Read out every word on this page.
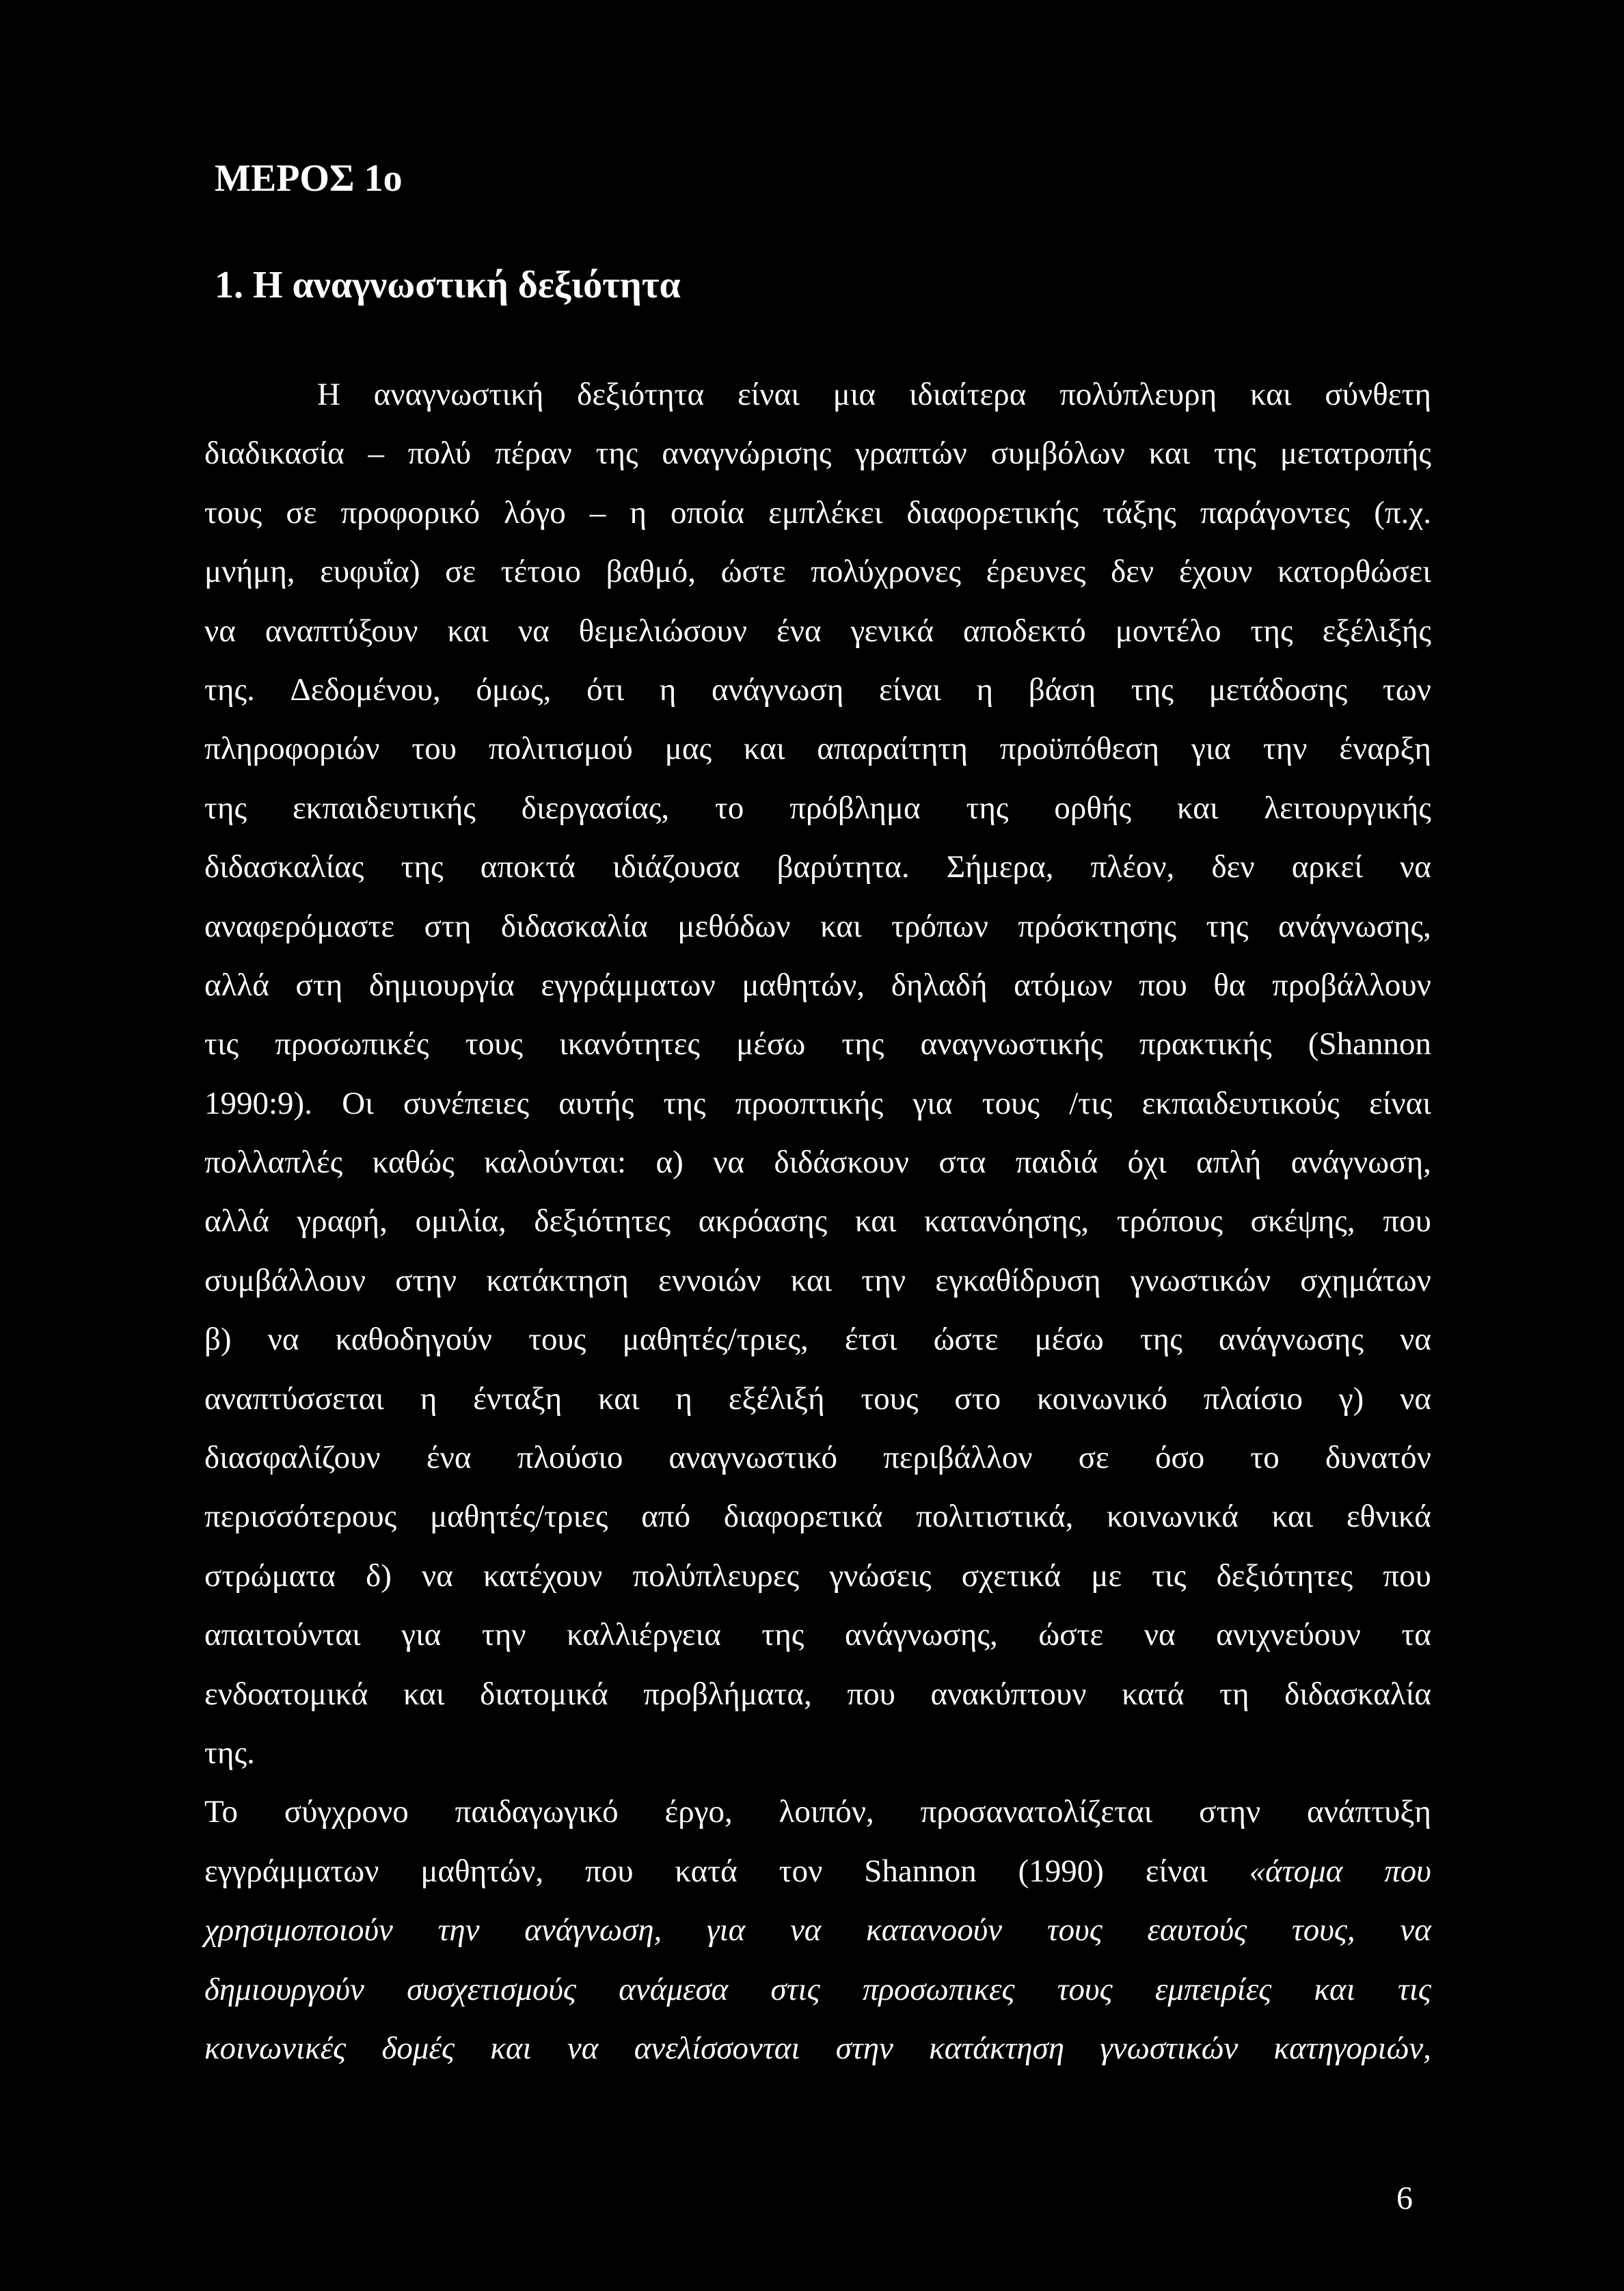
ΜΕΡΟΣ 1ο
1. Η αναγνωστική δεξιότητα
Η αναγνωστική δεξιότητα είναι μια ιδιαίτερα πολύπλευρη και σύνθετη
διαδικασία – πολύ πέραν της αναγνώρισης γραπτών συμβόλων και της μετατροπής
τους σε προφορικό λόγο – η οποία εμπλέκει διαφορετικής τάξης παράγοντες (π.χ.
μνήμη, ευφυΐα) σε τέτοιο βαθμό, ώστε πολύχρονες έρευνες δεν έχουν κατορθώσει
να αναπτύξουν και να θεμελιώσουν ένα γενικά αποδεκτό μοντέλο της εξέλιξής
της. Δεδομένου, όμως, ότι η ανάγνωση είναι η βάση της μετάδοσης των
πληροφοριών του πολιτισμού μας και απαραίτητη προϋπόθεση για την έναρξη
της εκπαιδευτικής διεργασίας, το πρόβλημα της ορθής και λειτουργικής
διδασκαλίας της αποκτά ιδιάζουσα βαρύτητα. Σήμερα, πλέον, δεν αρκεί να
αναφερόμαστε στη διδασκαλία μεθόδων και τρόπων πρόσκτησης της ανάγνωσης,
αλλά στη δημιουργία εγγράμματων μαθητών, δηλαδή ατόμων που θα προβάλλουν
τις προσωπικές τους ικανότητες μέσω της αναγνωστικής πρακτικής (Shannon
1990:9). Οι συνέπειες αυτής της προοπτικής για τους /τις εκπαιδευτικούς είναι
πολλαπλές καθώς καλούνται: α) να διδάσκουν στα παιδιά όχι απλή ανάγνωση,
αλλά γραφή, ομιλία, δεξιότητες ακρόασης και κατανόησης, τρόπους σκέψης, που
συμβάλλουν στην κατάκτηση εννοιών και την εγκαθίδρυση γνωστικών σχημάτων
β) να καθοδηγούν τους μαθητές/τριες, έτσι ώστε μέσω της ανάγνωσης να
αναπτύσσεται η ένταξη και η εξέλιξή τους στο κοινωνικό πλαίσιο γ) να
διασφαλίζουν ένα πλούσιο αναγνωστικό περιβάλλον σε όσο το δυνατόν
περισσότερους μαθητές/τριες από διαφορετικά πολιτιστικά, κοινωνικά και εθνικά
στρώματα δ) να κατέχουν πολύπλευρες γνώσεις σχετικά με τις δεξιότητες που
απαιτούνται για την καλλιέργεια της ανάγνωσης, ώστε να ανιχνεύουν τα
ενδοατομικά και διατομικά προβλήματα, που ανακύπτουν κατά τη διδασκαλία
της.
Το σύγχρονο παιδαγωγικό έργο, λοιπόν, προσανατολίζεται στην ανάπτυξη
εγγράμματων μαθητών, που κατά τον Shannon (1990) είναι «άτομα που
χρησιμοποιούν την ανάγνωση, για να κατανοούν τους εαυτούς τους, να
δημιουργούν συσχετισμούς ανάμεσα στις προσωπικες τους εμπειρίες και τις
κοινωνικές δομές και να ανελίσσονται στην κατάκτηση γνωστικών κατηγοριών,
6
